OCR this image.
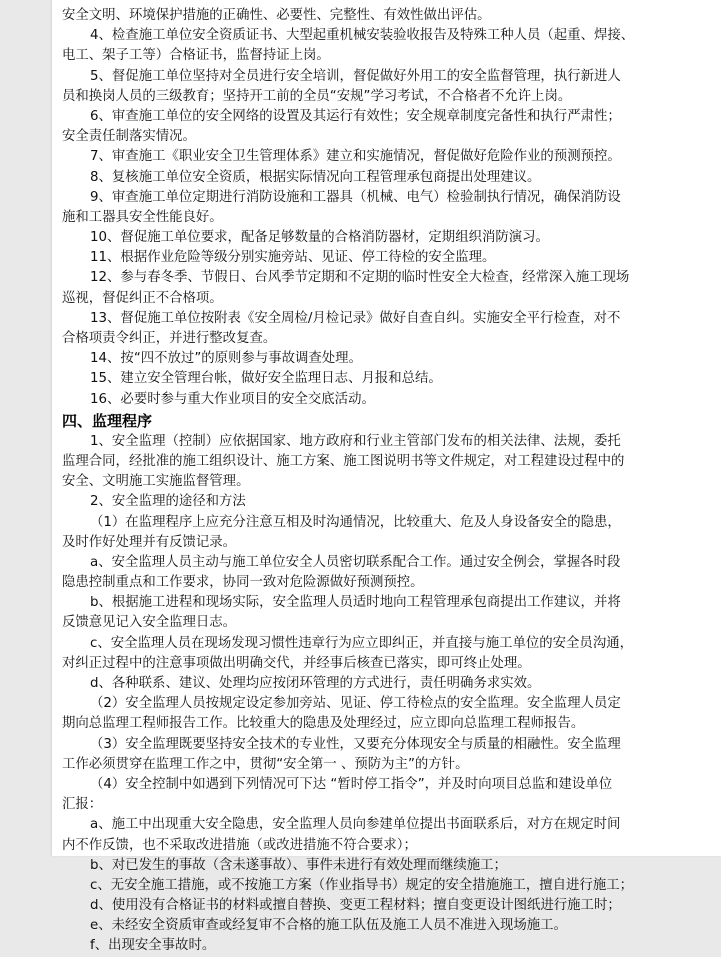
安全文明、环境保护措施的正确性、必要性、完整性、有效性做出评估。
4、检查施工单位安全资质证书、大型起重机械安装验收报告及特殊工种人员（起重、焊接、
电工、架子工等）合格证书，监督持证上岗。
5、督促施工单位坚持对全员进行安全培训，督促做好外用工的安全监督管理，执行新进人
员和换岗人员的三级教育；坚持开工前的全员“安规”学习考试，不合格者不允许上岗。
6、审查施工单位的安全网络的设置及其运行有效性；安全规章制度完备性和执行严肃性；
安全责任制落实情况。
7、审查施工《职业安全卫生管理体系》建立和实施情况，督促做好危险作业的预测预控。
8、复核施工单位安全资质，根据实际情况向工程管理承包商提出处理建议。
9、审查施工单位定期进行消防设施和工器具（机械、电气）检验制执行情况，确保消防设
施和工器具安全性能良好。
10、督促施工单位要求，配备足够数量的合格消防器材，定期组织消防演习。
11、根据作业危险等级分别实施旁站、见证、停工待检的安全监理。
12、参与春冬季、节假日、台风季节定期和不定期的临时性安全大检查，经常深入施工现场
巡视，督促纠正不合格项。
13、督促施工单位按附表《安全周检/月检记录》做好自查自纠。实施安全平行检查，对不
合格项责令纠正，并进行整改复查。
14、按“四不放过”的原则参与事故调查处理。
15、建立安全管理台帐，做好安全监理日志、月报和总结。
16、必要时参与重大作业项目的安全交底活动。
四、监理程序
1、安全监理（控制）应依据国家、地方政府和行业主管部门发布的相关法律、法规，委托
监理合同，经批准的施工组织设计、施工方案、施工图说明书等文件规定，对工程建设过程中的
安全、文明施工实施监督管理。
2、安全监理的途径和方法
（1）在监理程序上应充分注意互相及时沟通情况，比较重大、危及人身设备安全的隐患，
及时作好处理并有反馈记录。
a、安全监理人员主动与施工单位安全人员密切联系配合工作。通过安全例会，掌握各时段
隐患控制重点和工作要求，协同一致对危险源做好预测预控。
b、根据施工进程和现场实际，安全监理人员适时地向工程管理承包商提出工作建议，并将
反馈意见记入安全监理日志。
c、安全监理人员在现场发现习惯性违章行为应立即纠正，并直接与施工单位的安全员沟通，
对纠正过程中的注意事项做出明确交代，并经事后核查已落实，即可终止处理。
d、各种联系、建议、处理均应按闭环管理的方式进行，责任明确务求实效。
（2）安全监理人员按规定设定参加旁站、见证、停工待检点的安全监理。安全监理人员定
期向总监理工程师报告工作。比较重大的隐患及处理经过，应立即向总监理工程师报告。
（3）安全监理既要坚持安全技术的专业性，又要充分体现安全与质量的相融性。安全监理
工作必须贯穿在监理工作之中，贯彻“安全第一 、预防为主”的方针。
（4）安全控制中如遇到下列情况可下达 “暂时停工指令”，并及时向项目总监和建设单位
汇报：
a、施工中出现重大安全隐患，安全监理人员向参建单位提出书面联系后，对方在规定时间
内不作反馈，也不采取改进措施（或改进措施不符合要求）；
b、对已发生的事故（含未遂事故）、事件未进行有效处理而继续施工；
c、无安全施工措施，或不按施工方案（作业指导书）规定的安全措施施工，擅自进行施工；
d、使用没有合格证书的材料或擅自替换、变更工程材料；擅自变更设计图纸进行施工时；
e、未经安全资质审查或经复审不合格的施工队伍及施工人员不准进入现场施工。
f、出现安全事故时。
